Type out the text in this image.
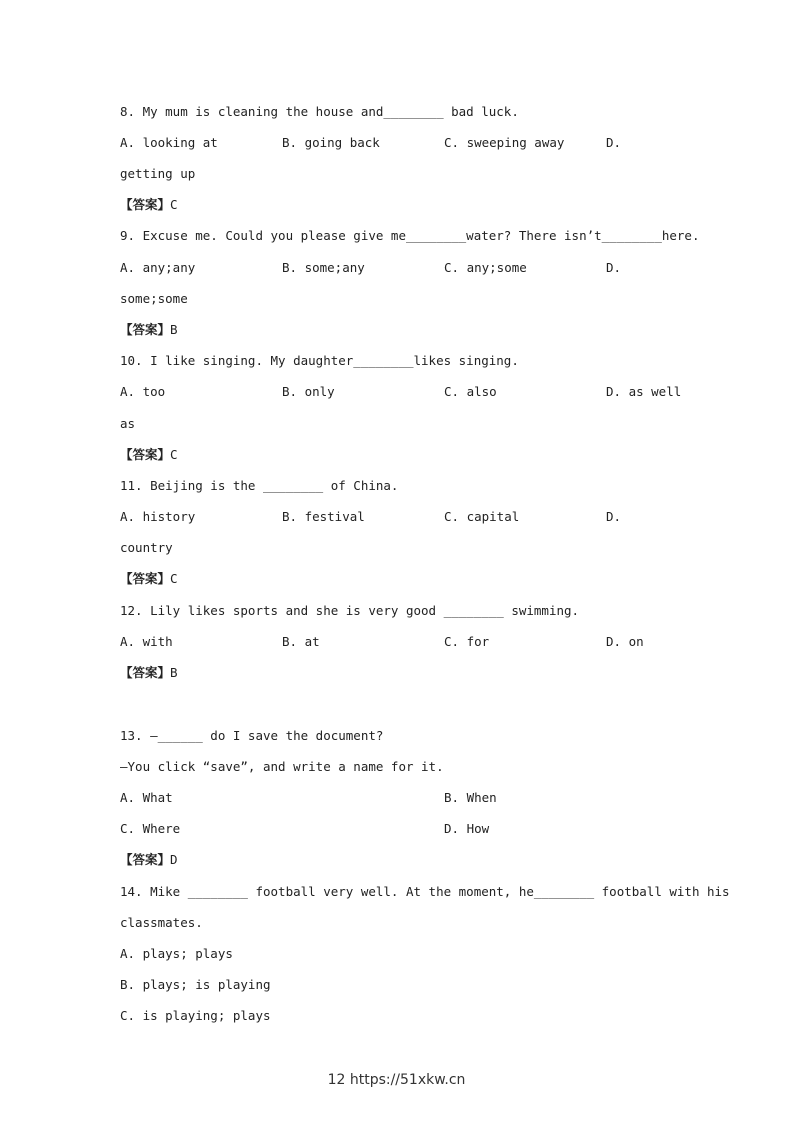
8. My mum is cleaning the house and________ bad luck.
A. looking at	B. going back	C. sweeping away	D.
getting up
【答案】C
9. Excuse me. Could you please give me________water? There isn’t________here.
A. any;any	B. some;any	C. any;some	D.
some;some
【答案】B
10. I like singing. My daughter________likes singing.
A. too	B. only	C. also	D. as well
as
【答案】C
11. Beijing is the ________ of China.
A. history	B. festival	C. capital	D.
country
【答案】C
12. Lily likes sports and she is very good ________ swimming.
A. with	B. at	C. for	D. on
【答案】B
13. —______ do I save the document?
—You click “save”, and write a name for it.
A. What	B. When
C. Where	D. How
【答案】D
14. Mike ________ football very well. At the moment, he________ football with his
classmates.
A. plays; plays
B. plays; is playing
C. is playing; plays
12 https://51xkw.cn
